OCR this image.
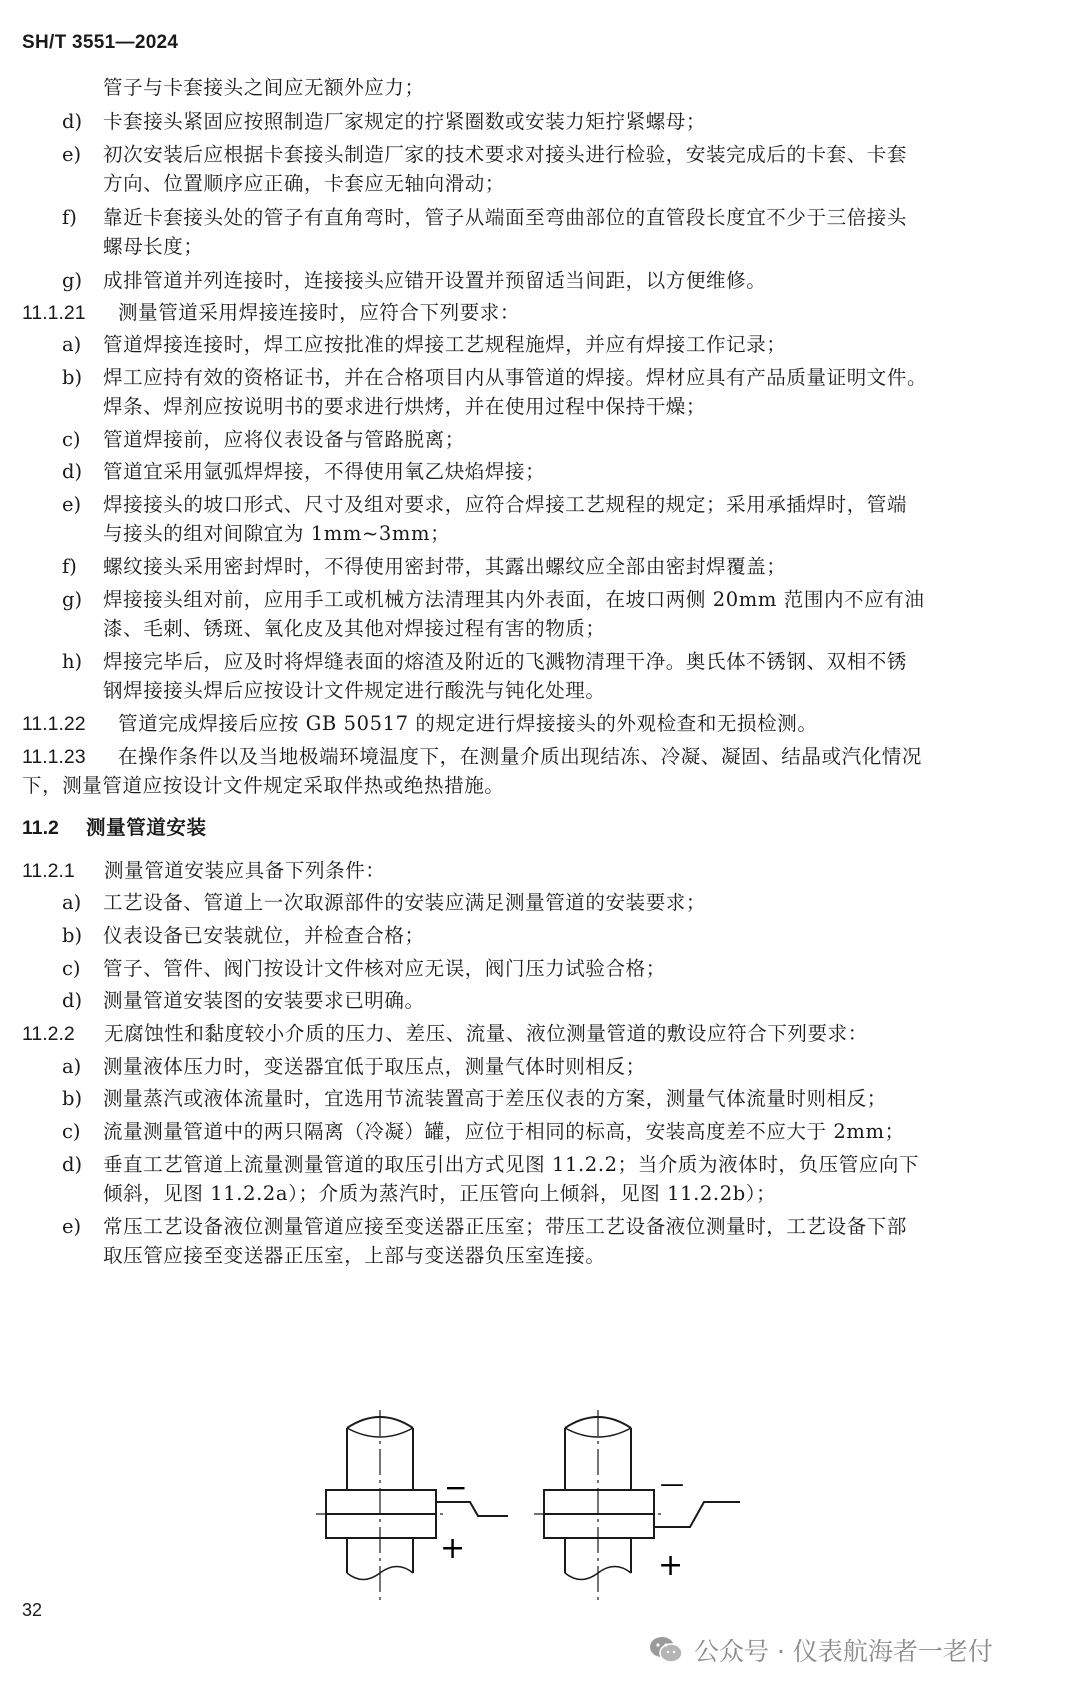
SH/T 3551—2024
管子与卡套接头之间应无额外应力；
d) 卡套接头紧固应按照制造厂家规定的拧紧圈数或安装力矩拧紧螺母；
e) 初次安装后应根据卡套接头制造厂家的技术要求对接头进行检验，安装完成后的卡套、卡套
方向、位置顺序应正确，卡套应无轴向滑动；
f) 靠近卡套接头处的管子有直角弯时，管子从端面至弯曲部位的直管段长度宜不少于三倍接头
螺母长度；
g) 成排管道并列连接时，连接接头应错开设置并预留适当间距，以方便维修。
11.1.21 测量管道采用焊接连接时，应符合下列要求：
a) 管道焊接连接时，焊工应按批准的焊接工艺规程施焊，并应有焊接工作记录；
b) 焊工应持有效的资格证书，并在合格项目内从事管道的焊接。焊材应具有产品质量证明文件。
焊条、焊剂应按说明书的要求进行烘烤，并在使用过程中保持干燥；
c) 管道焊接前，应将仪表设备与管路脱离；
d) 管道宜采用氩弧焊焊接，不得使用氧乙炔焰焊接；
e) 焊接接头的坡口形式、尺寸及组对要求，应符合焊接工艺规程的规定；采用承插焊时，管端
与接头的组对间隙宜为 1mm~3mm；
f) 螺纹接头采用密封焊时，不得使用密封带，其露出螺纹应全部由密封焊覆盖；
g) 焊接接头组对前，应用手工或机械方法清理其内外表面，在坡口两侧 20mm 范围内不应有油
漆、毛刺、锈斑、氧化皮及其他对焊接过程有害的物质；
h) 焊接完毕后，应及时将焊缝表面的熔渣及附近的飞溅物清理干净。奥氏体不锈钢、双相不锈
钢焊接接头焊后应按设计文件规定进行酸洗与钝化处理。
11.1.22 管道完成焊接后应按 GB 50517 的规定进行焊接接头的外观检查和无损检测。
11.1.23 在操作条件以及当地极端环境温度下，在测量介质出现结冻、冷凝、凝固、结晶或汽化情况
下，测量管道应按设计文件规定采取伴热或绝热措施。
11.2 测量管道安装
11.2.1 测量管道安装应具备下列条件：
a) 工艺设备、管道上一次取源部件的安装应满足测量管道的安装要求；
b) 仪表设备已安装就位，并检查合格；
c) 管子、管件、阀门按设计文件核对应无误，阀门压力试验合格；
d) 测量管道安装图的安装要求已明确。
11.2.2 无腐蚀性和黏度较小介质的压力、差压、流量、液位测量管道的敷设应符合下列要求：
a) 测量液体压力时，变送器宜低于取压点，测量气体时则相反；
b) 测量蒸汽或液体流量时，宜选用节流装置高于差压仪表的方案，测量气体流量时则相反；
c) 流量测量管道中的两只隔离（冷凝）罐，应位于相同的标高，安装高度差不应大于 2mm；
d) 垂直工艺管道上流量测量管道的取压引出方式见图 11.2.2；当介质为液体时，负压管应向下
倾斜，见图 11.2.2a）；介质为蒸汽时，正压管向上倾斜，见图 11.2.2b）；
e) 常压工艺设备液位测量管道应接至变送器正压室；带压工艺设备液位测量时，工艺设备下部
取压管应接至变送器正压室，上部与变送器负压室连接。
−
+
—
+
32
公众号 · 仪表航海者一老付
